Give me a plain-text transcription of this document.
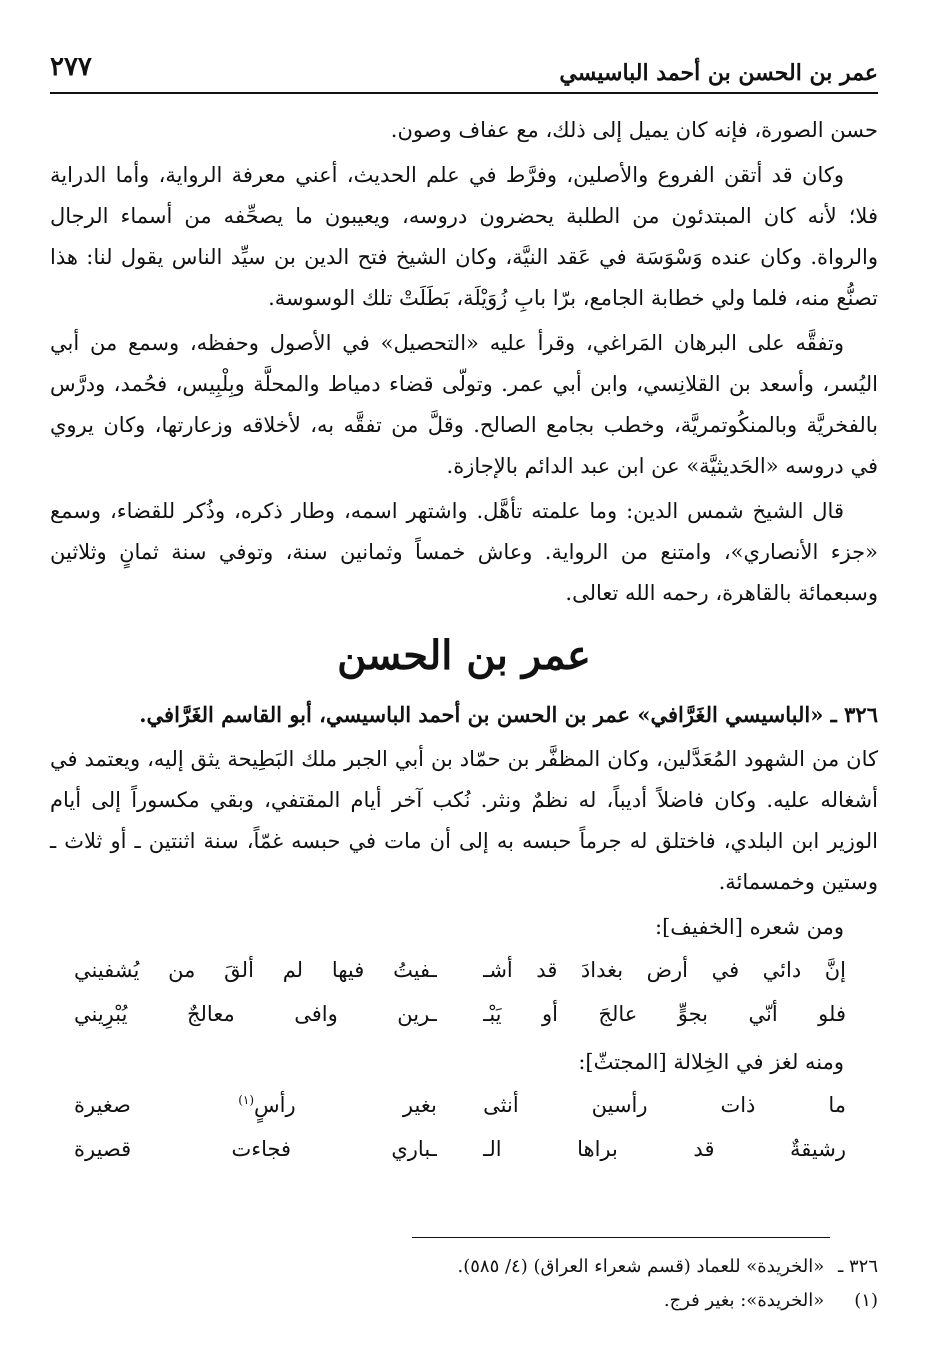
عمر بن الحسن بن أحمد الباسيسي
٢٧٧

حسن الصورة، فإنه كان يميل إلى ذلك، مع عفاف وصون.

وكان قد أتقن الفروع والأصلين، وفرَّط في علم الحديث، أعني معرفة الرواية، وأما الدراية فلا؛ لأنه كان المبتدئون من الطلبة يحضرون دروسه، ويعيبون ما يصحِّفه من أسماء الرجال والرواة. وكان عنده وَسْوَسَة في عَقد النيَّة، وكان الشيخ فتح الدين بن سيِّد الناس يقول لنا: هذا تصنُّع منه، فلما ولي خطابة الجامع، برّا بابِ زُوَيْلَة، بَطَلَتْ تلك الوسوسة.

وتفقَّه على البرهان المَراغي، وقرأ عليه «التحصيل» في الأصول وحفظه، وسمع من أبي اليُسر، وأسعد بن القلانِسي، وابن أبي عمر. وتولّى قضاء دمياط والمحلَّة وبِلْبِيس، فحُمد، ودرَّس بالفخريَّة وبالمنكُوتمريَّة، وخطب بجامع الصالح. وقلَّ من تفقَّه به، لأخلاقه وزعارتها، وكان يروي في دروسه «الحَديثيَّة» عن ابن عبد الدائم بالإجازة.

قال الشيخ شمس الدين: وما علمته تأهَّل. واشتهر اسمه، وطار ذكره، وذُكر للقضاء، وسمع «جزء الأنصاري»، وامتنع من الرواية. وعاش خمساً وثمانين سنة، وتوفي سنة ثمانٍ وثلاثين وسبعمائة بالقاهرة، رحمه الله تعالى.

عمر بن الحسن

٣٢٦ ـ «الباسيسي الغَرَّافي» عمر بن الحسن بن أحمد الباسيسي، أبو القاسم الغَرَّافي.

كان من الشهود المُعَدَّلين، وكان المظفَّر بن حمّاد بن أبي الجبر ملك البَطِيحة يثق إليه، ويعتمد في أشغاله عليه. وكان فاضلاً أديباً، له نظمٌ ونثر. نُكب آخر أيام المقتفي، وبقي مكسوراً إلى أيام الوزير ابن البلدي، فاختلق له جرماً حبسه به إلى أن مات في حبسه غمّاً، سنة اثنتين ـ أو ثلاث ـ وستين وخمسمائة.

ومن شعره [الخفيف]:
إنَّ دائي في أرض بغدادَ قد أشـ
ـفيتُ فيها لم ألقَ من يُشفيني
فلو أنّي بجوٍّ عالجَ أو يَبْـ
ـرين وافى معالجٌ يُبْرِيني
ومنه لغز في الخِلالة [المجتثّ]:
ما ذات رأسين أنثى
بغير رأسٍ$^{(١)}$ صغيرة
رشيقةٌ قد براها الـ
ـباري فجاءت قصيرة

٣٢٦ ـ «الخريدة» للعماد (قسم شعراء العراق) (٤/ ٥٨٥).

(١) «الخريدة»: بغير فرج.
